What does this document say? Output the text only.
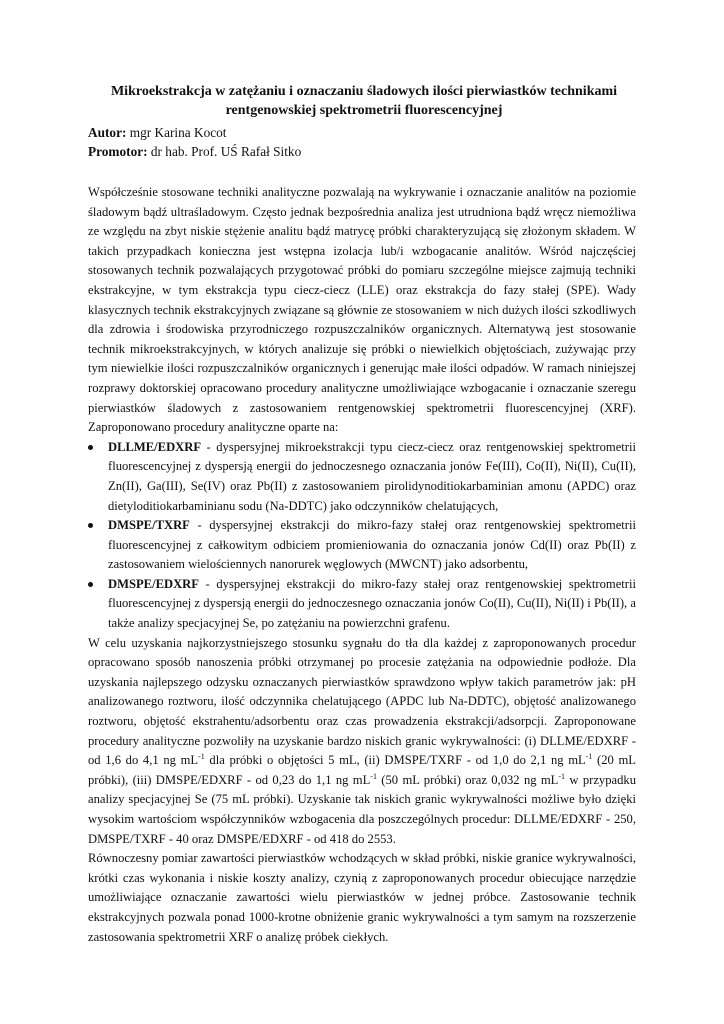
Mikroekstrakcja w zatężaniu i oznaczaniu śladowych ilości pierwiastków technikami rentgenowskiej spektrometrii fluorescencyjnej
Autor: mgr Karina Kocot
Promotor: dr hab. Prof. UŚ Rafał Sitko

Współcześnie stosowane techniki analityczne pozwalają na wykrywanie i oznaczanie analitów na poziomie śladowym bądź ultraśladowym. Często jednak bezpośrednia analiza jest utrudniona bądź wręcz niemożliwa ze względu na zbyt niskie stężenie analitu bądź matrycę próbki charakteryzującą się złożonym składem. W takich przypadkach konieczna jest wstępna izolacja lub/i wzbogacanie analitów. Wśród najczęściej stosowanych technik pozwalających przygotować próbki do pomiaru szczególne miejsce zajmują techniki ekstrakcyjne, w tym ekstrakcja typu ciecz-ciecz (LLE) oraz ekstrakcja do fazy stałej (SPE). Wady klasycznych technik ekstrakcyjnych związane są głównie ze stosowaniem w nich dużych ilości szkodliwych dla zdrowia i środowiska przyrodniczego rozpuszczalników organicznych. Alternatywą jest stosowanie technik mikroekstrakcyjnych, w których analizuje się próbki o niewielkich objętościach, zużywając przy tym niewielkie ilości rozpuszczalników organicznych i generując małe ilości odpadów. W ramach niniejszej rozprawy doktorskiej opracowano procedury analityczne umożliwiające wzbogacanie i oznaczanie szeregu pierwiastków śladowych z zastosowaniem rentgenowskiej spektrometrii fluorescencyjnej (XRF). Zaproponowano procedury analityczne oparte na:

DLLME/EDXRF - dyspersyjnej mikroekstrakcji typu ciecz-ciecz oraz rentgenowskiej spektrometrii fluorescencyjnej z dyspersją energii do jednoczesnego oznaczania jonów Fe(III), Co(II), Ni(II), Cu(II), Zn(II), Ga(III), Se(IV) oraz Pb(II) z zastosowaniem pirolidynoditiokarbaminian amonu (APDC) oraz dietyloditiokarbaminianu sodu (Na-DDTC) jako odczynników chelatujących,
DMSPE/TXRF - dyspersyjnej ekstrakcji do mikro-fazy stałej oraz rentgenowskiej spektrometrii fluorescencyjnej z całkowitym odbiciem promieniowania do oznaczania jonów Cd(II) oraz Pb(II) z zastosowaniem wielościennych nanorurek węglowych (MWCNT) jako adsorbentu,
DMSPE/EDXRF - dyspersyjnej ekstrakcji do mikro-fazy stałej oraz rentgenowskiej spektrometrii fluorescencyjnej z dyspersją energii do jednoczesnego oznaczania jonów Co(II), Cu(II), Ni(II) i Pb(II), a także analizy specjacyjnej Se, po zatężaniu na powierzchni grafenu.

W celu uzyskania najkorzystniejszego stosunku sygnału do tła dla każdej z zaproponowanych procedur opracowano sposób nanoszenia próbki otrzymanej po procesie zatężania na odpowiednie podłoże. Dla uzyskania najlepszego odzysku oznaczanych pierwiastków sprawdzono wpływ takich parametrów jak: pH analizowanego roztworu, ilość odczynnika chelatującego (APDC lub Na-DDTC), objętość analizowanego roztworu, objętość ekstrahentu/adsorbentu oraz czas prowadzenia ekstrakcji/adsorpcji. Zaproponowane procedury analityczne pozwoliły na uzyskanie bardzo niskich granic wykrywalności: (i) DLLME/EDXRF - od 1,6 do 4,1 ng $mL^{-1}$ dla próbki o objętości 5 mL, (ii) DMSPE/TXRF - od 1,0 do 2,1 ng $mL^{-1}$ (20 mL próbki), (iii) DMSPE/EDXRF - od 0,23 do 1,1 ng $mL^{-1}$ (50 mL próbki) oraz 0,032 ng $mL^{-1}$ w przypadku analizy specjacyjnej Se (75 mL próbki). Uzyskanie tak niskich granic wykrywalności możliwe było dzięki wysokim wartościom współczynników wzbogacenia dla poszczególnych procedur: DLLME/EDXRF - 250, DMSPE/TXRF - 40 oraz DMSPE/EDXRF - od 418 do 2553.

Równoczesny pomiar zawartości pierwiastków wchodzących w skład próbki, niskie granice wykrywalności, krótki czas wykonania i niskie koszty analizy, czynią z zaproponowanych procedur obiecujące narzędzie umożliwiające oznaczanie zawartości wielu pierwiastków w jednej próbce. Zastosowanie technik ekstrakcyjnych pozwala ponad 1000-krotne obniżenie granic wykrywalności a tym samym na rozszerzenie zastosowania spektrometrii XRF o analizę próbek ciekłych.
